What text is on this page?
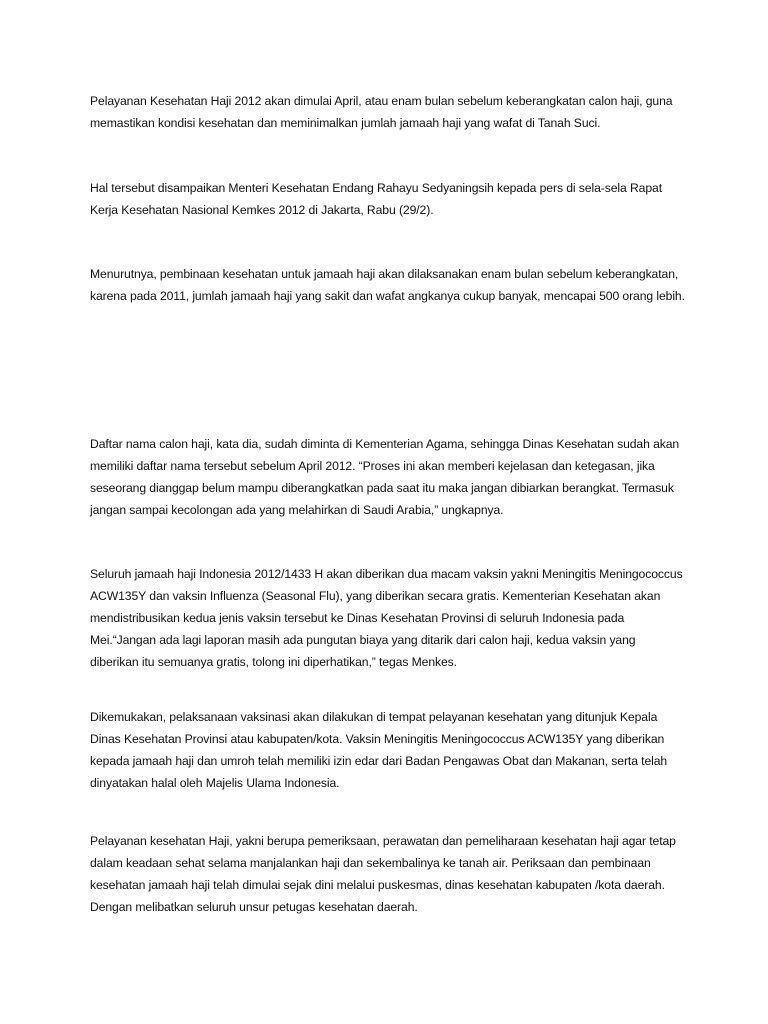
Pelayanan Kesehatan Haji 2012 akan dimulai April, atau enam bulan sebelum keberangkatan calon haji, guna memastikan kondisi kesehatan dan meminimalkan jumlah jamaah haji yang wafat di Tanah Suci.

Hal tersebut disampaikan Menteri Kesehatan Endang Rahayu Sedyaningsih kepada pers di sela-sela Rapat Kerja Kesehatan Nasional Kemkes 2012 di Jakarta, Rabu (29/2).

Menurutnya, pembinaan kesehatan untuk jamaah haji akan dilaksanakan enam bulan sebelum keberangkatan, karena pada 2011, jumlah jamaah haji yang sakit dan wafat angkanya cukup banyak, mencapai 500 orang lebih.

Daftar nama calon haji, kata dia, sudah diminta di Kementerian Agama, sehingga Dinas Kesehatan sudah akan memiliki daftar nama tersebut sebelum April 2012. “Proses ini akan memberi kejelasan dan ketegasan, jika seseorang dianggap belum mampu diberangkatkan pada saat itu maka jangan dibiarkan berangkat. Termasuk jangan sampai kecolongan ada yang melahirkan di Saudi Arabia,” ungkapnya.

Seluruh jamaah haji Indonesia 2012/1433 H akan diberikan dua macam vaksin yakni Meningitis Meningococcus ACW135Y dan vaksin Influenza (Seasonal Flu), yang diberikan secara gratis. Kementerian Kesehatan akan mendistribusikan kedua jenis vaksin tersebut ke Dinas Kesehatan Provinsi di seluruh Indonesia pada Mei.“Jangan ada lagi laporan masih ada pungutan biaya yang ditarik dari calon haji, kedua vaksin yang diberikan itu semuanya gratis, tolong ini diperhatikan,” tegas Menkes.

Dikemukakan, pelaksanaan vaksinasi akan dilakukan di tempat pelayanan kesehatan yang ditunjuk Kepala Dinas Kesehatan Provinsi atau kabupaten/kota. Vaksin Meningitis Meningococcus ACW135Y yang diberikan kepada jamaah haji dan umroh telah memiliki izin edar dari Badan Pengawas Obat dan Makanan, serta telah dinyatakan halal oleh Majelis Ulama Indonesia.

Pelayanan kesehatan Haji, yakni berupa pemeriksaan, perawatan dan pemeliharaan kesehatan haji agar tetap dalam keadaan sehat selama manjalankan haji dan sekembalinya ke tanah air. Periksaan dan pembinaan kesehatan jamaah haji telah dimulai sejak dini melalui puskesmas, dinas kesehatan kabupaten /kota daerah. Dengan melibatkan seluruh unsur petugas kesehatan daerah.
